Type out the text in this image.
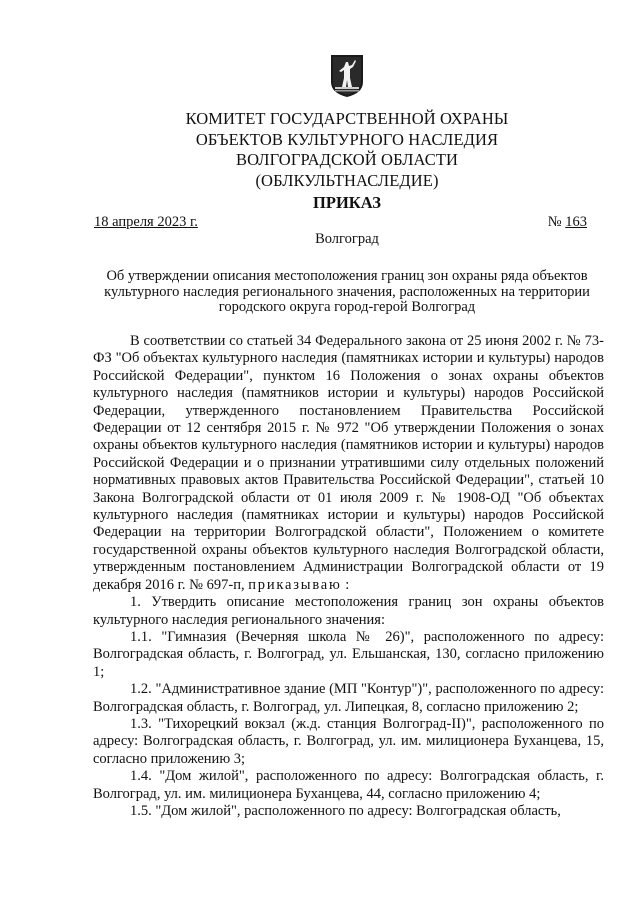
КОМИТЕТ ГОСУДАРСТВЕННОЙ ОХРАНЫ
ОБЪЕКТОВ КУЛЬТУРНОГО НАСЛЕДИЯ
ВОЛГОГРАДСКОЙ ОБЛАСТИ
(ОБЛКУЛЬТНАСЛЕДИЕ)
ПРИКАЗ
18 апреля 2023 г.	№ 163
Волгоград
Об утверждении описания местоположения границ зон охраны ряда объектов
культурного наследия регионального значения, расположенных на территории
городского округа город-герой Волгоград

В соответствии со статьей 34 Федерального закона от 25 июня 2002 г. № 73-ФЗ "Об объектах культурного наследия (памятниках истории и культуры) народов Российской Федерации", пунктом 16 Положения о зонах охраны объектов культурного наследия (памятников истории и культуры) народов Российской Федерации, утвержденного постановлением Правительства Российской Федерации от 12 сентября 2015 г. № 972 "Об утверждении Положения о зонах охраны объектов культурного наследия (памятников истории и культуры) народов Российской Федерации и о признании утратившими силу отдельных положений нормативных правовых актов Правительства Российской Федерации", статьей 10 Закона Волгоградской области от 01 июля 2009 г. № 1908-ОД "Об объектах культурного наследия (памятниках истории и культуры) народов Российской Федерации на территории Волгоградской области", Положением о комитете государственной охраны объектов культурного наследия Волгоградской области, утвержденным постановлением Администрации Волгоградской области от 19 декабря 2016 г. № 697-п, приказываю :

1. Утвердить описание местоположения границ зон охраны объектов культурного наследия регионального значения:

1.1. "Гимназия (Вечерняя школа № 26)", расположенного по адресу: Волгоградская область, г. Волгоград, ул. Ельшанская, 130, согласно приложению 1;

1.2. "Административное здание (МП "Контур")", расположенного по адресу: Волгоградская область, г. Волгоград, ул. Липецкая, 8, согласно приложению 2;

1.3. "Тихорецкий вокзал (ж.д. станция Волгоград-II)", расположенного по адресу: Волгоградская область, г. Волгоград, ул. им. милиционера Буханцева, 15, согласно приложению 3;

1.4. "Дом жилой", расположенного по адресу: Волгоградская область, г. Волгоград, ул. им. милиционера Буханцева, 44, согласно приложению 4;

1.5. "Дом жилой", расположенного по адресу: Волгоградская область,
